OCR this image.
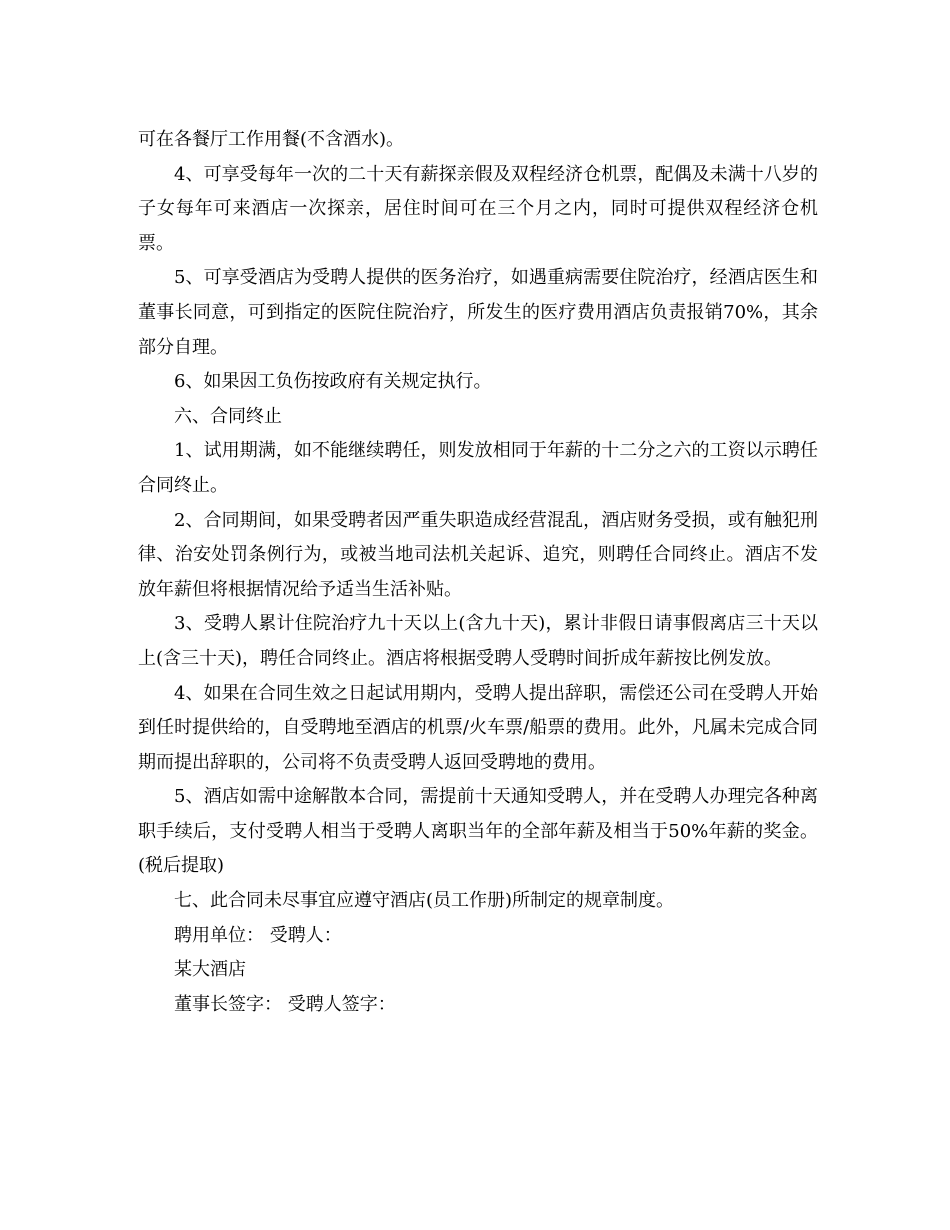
可在各餐厅工作用餐(不含酒水)。

4、可享受每年一次的二十天有薪探亲假及双程经济仓机票，配偶及未满十八岁的子女每年可来酒店一次探亲，居住时间可在三个月之内，同时可提供双程经济仓机票。

5、可享受酒店为受聘人提供的医务治疗，如遇重病需要住院治疗，经酒店医生和董事长同意，可到指定的医院住院治疗，所发生的医疗费用酒店负责报销70%，其余部分自理。

6、如果因工负伤按政府有关规定执行。

六、合同终止

1、试用期满，如不能继续聘任，则发放相同于年薪的十二分之六的工资以示聘任合同终止。

2、合同期间，如果受聘者因严重失职造成经营混乱，酒店财务受损，或有触犯刑律、治安处罚条例行为，或被当地司法机关起诉、追究，则聘任合同终止。酒店不发放年薪但将根据情况给予适当生活补贴。

3、受聘人累计住院治疗九十天以上(含九十天)，累计非假日请事假离店三十天以上(含三十天)，聘任合同终止。酒店将根据受聘人受聘时间折成年薪按比例发放。

4、如果在合同生效之日起试用期内，受聘人提出辞职，需偿还公司在受聘人开始到任时提供给的，自受聘地至酒店的机票/火车票/船票的费用。此外，凡属未完成合同期而提出辞职的，公司将不负责受聘人返回受聘地的费用。

5、酒店如需中途解散本合同，需提前十天通知受聘人，并在受聘人办理完各种离职手续后，支付受聘人相当于受聘人离职当年的全部年薪及相当于50%年薪的奖金。(税后提取)

七、此合同未尽事宜应遵守酒店(员工作册)所制定的规章制度。

聘用单位： 受聘人：

某大酒店

董事长签字： 受聘人签字：
